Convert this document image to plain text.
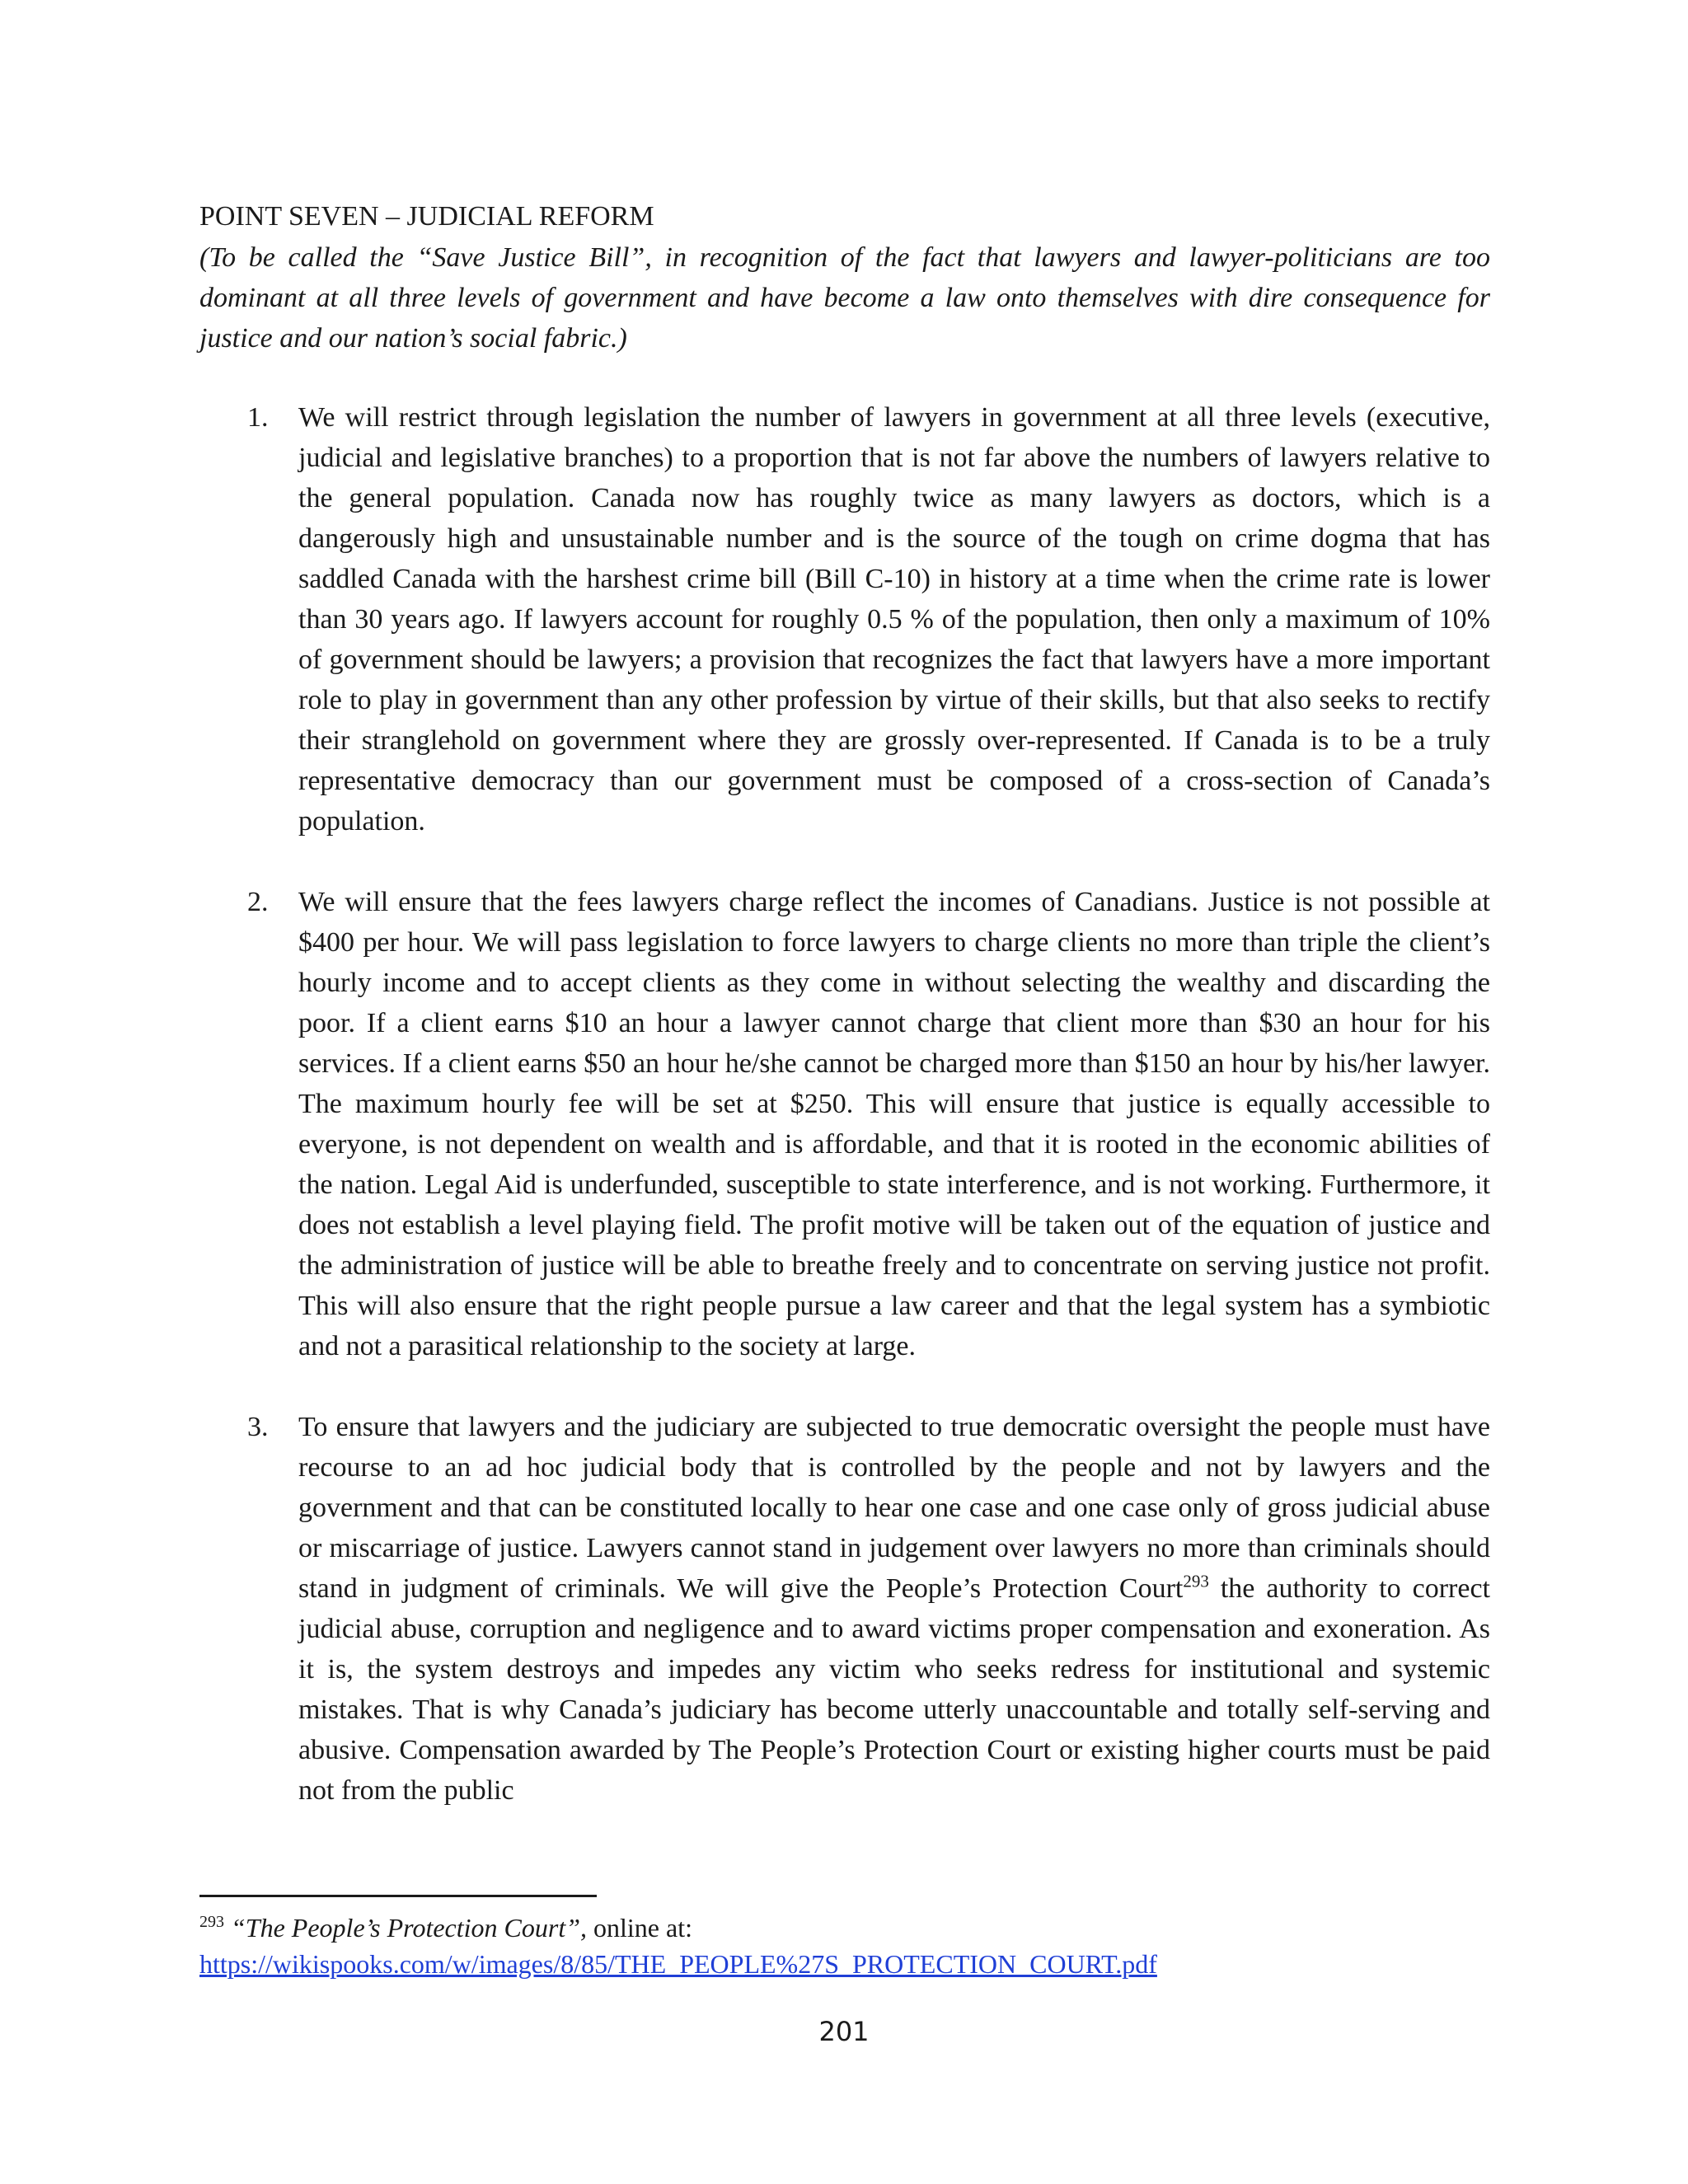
POINT SEVEN – JUDICIAL REFORM
(To be called the “Save Justice Bill”, in recognition of the fact that lawyers and lawyer-politicians are too dominant at all three levels of government and have become a law onto themselves with dire consequence for justice and our nation’s social fabric.)
1. We will restrict through legislation the number of lawyers in government at all three levels (executive, judicial and legislative branches) to a proportion that is not far above the numbers of lawyers relative to the general population. Canada now has roughly twice as many lawyers as doctors, which is a dangerously high and unsustainable number and is the source of the tough on crime dogma that has saddled Canada with the harshest crime bill (Bill C-10) in history at a time when the crime rate is lower than 30 years ago. If lawyers account for roughly 0.5 % of the population, then only a maximum of 10% of government should be lawyers; a provision that recognizes the fact that lawyers have a more important role to play in government than any other profession by virtue of their skills, but that also seeks to rectify their stranglehold on government where they are grossly over-represented. If Canada is to be a truly representative democracy than our government must be composed of a cross-section of Canada’s population.
2. We will ensure that the fees lawyers charge reflect the incomes of Canadians. Justice is not possible at $400 per hour. We will pass legislation to force lawyers to charge clients no more than triple the client’s hourly income and to accept clients as they come in without selecting the wealthy and discarding the poor. If a client earns $10 an hour a lawyer cannot charge that client more than $30 an hour for his services. If a client earns $50 an hour he/she cannot be charged more than $150 an hour by his/her lawyer. The maximum hourly fee will be set at $250. This will ensure that justice is equally accessible to everyone, is not dependent on wealth and is affordable, and that it is rooted in the economic abilities of the nation. Legal Aid is underfunded, susceptible to state interference, and is not working. Furthermore, it does not establish a level playing field. The profit motive will be taken out of the equation of justice and the administration of justice will be able to breathe freely and to concentrate on serving justice not profit. This will also ensure that the right people pursue a law career and that the legal system has a symbiotic and not a parasitical relationship to the society at large.
3. To ensure that lawyers and the judiciary are subjected to true democratic oversight the people must have recourse to an ad hoc judicial body that is controlled by the people and not by lawyers and the government and that can be constituted locally to hear one case and one case only of gross judicial abuse or miscarriage of justice. Lawyers cannot stand in judgement over lawyers no more than criminals should stand in judgment of criminals. We will give the People’s Protection Court$^{293}$ the authority to correct judicial abuse, corruption and negligence and to award victims proper compensation and exoneration. As it is, the system destroys and impedes any victim who seeks redress for institutional and systemic mistakes. That is why Canada’s judiciary has become utterly unaccountable and totally self-serving and abusive. Compensation awarded by The People’s Protection Court or existing higher courts must be paid not from the public
$^{293}$ “The People’s Protection Court”, online at:
https://wikispooks.com/w/images/8/85/THE_PEOPLE%27S_PROTECTION_COURT.pdf
201
